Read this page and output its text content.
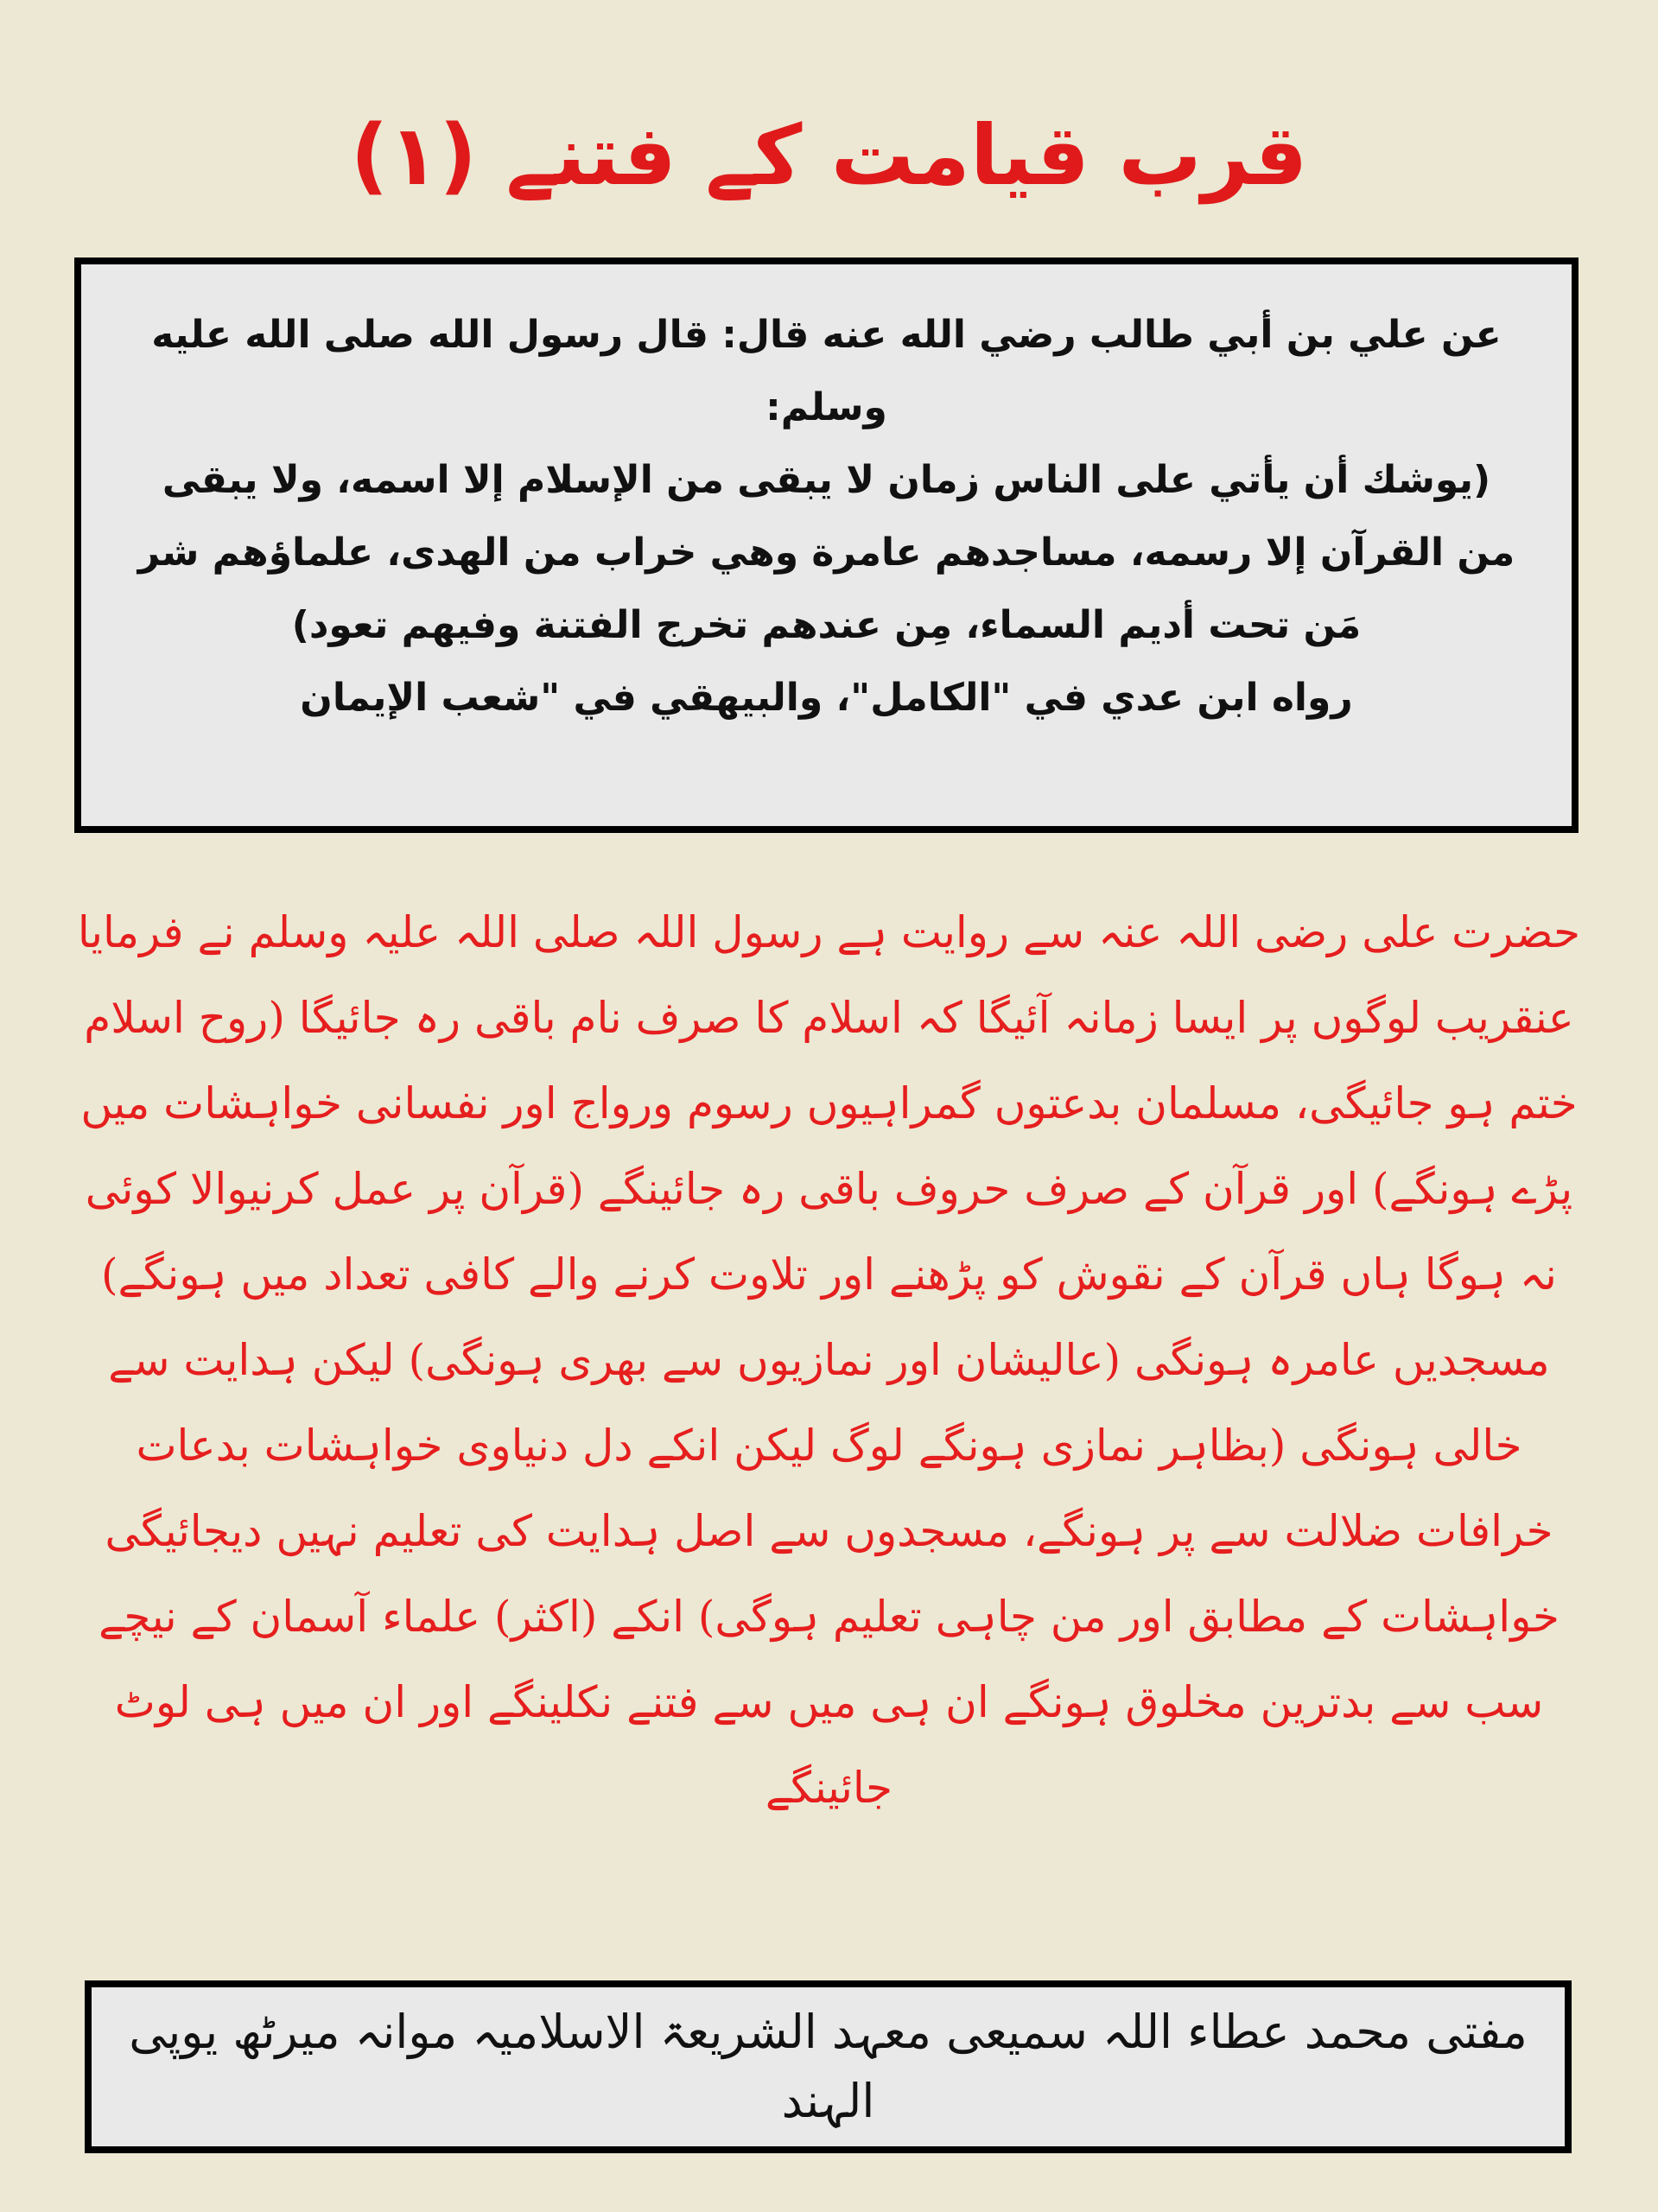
قرب قیامت کے فتنے (۱)

عن علي بن أبي طالب رضي الله عنه قال: قال رسول الله صلى الله عليه وسلم:

(يوشك أن يأتي على الناس زمان لا يبقى من الإسلام إلا اسمه، ولا يبقى من القرآن إلا رسمه، مساجدهم عامرة وهي خراب من الهدى، علماؤهم شر مَن تحت أديم السماء، مِن عندهم تخرج الفتنة وفيهم تعود)

رواه ابن عدي في "الكامل"، والبيهقي في "شعب الإيمان

حضرت علی رضی اللہ عنہ سے روایت ہے رسول اللہ صلی اللہ علیہ وسلم نے فرمایا عنقریب لوگوں پر ایسا زمانہ آئیگا کہ اسلام کا صرف نام باقی رہ جائیگا (روح اسلام ختم ہو جائیگی، مسلمان بدعتوں گمراہیوں رسوم ورواج اور نفسانی خواہشات میں پڑے ہونگے) اور قرآن کے صرف حروف باقی رہ جائینگے (قرآن پر عمل کرنیوالا کوئی نہ ہوگا ہاں قرآن کے نقوش کو پڑھنے اور تلاوت کرنے والے کافی تعداد میں ہونگے) مسجدیں عامرہ ہونگی (عالیشان اور نمازیوں سے بھری ہونگی) لیکن ہدایت سے خالی ہونگی (بظاہر نمازی ہونگے لوگ لیکن انکے دل دنیاوی خواہشات بدعات خرافات ضلالت سے پر ہونگے، مسجدوں سے اصل ہدایت کی تعلیم نہیں دیجائیگی خواہشات کے مطابق اور من چاہی تعلیم ہوگی) انکے (اکثر) علماء آسمان کے نیچے سب سے بدترین مخلوق ہونگے ان ہی میں سے فتنے نکلینگے اور ان میں ہی لوٹ جائینگے

مفتی محمد عطاء اللہ سمیعی معہد الشریعۃ الاسلامیہ موانہ میرٹھ یوپی الہند
